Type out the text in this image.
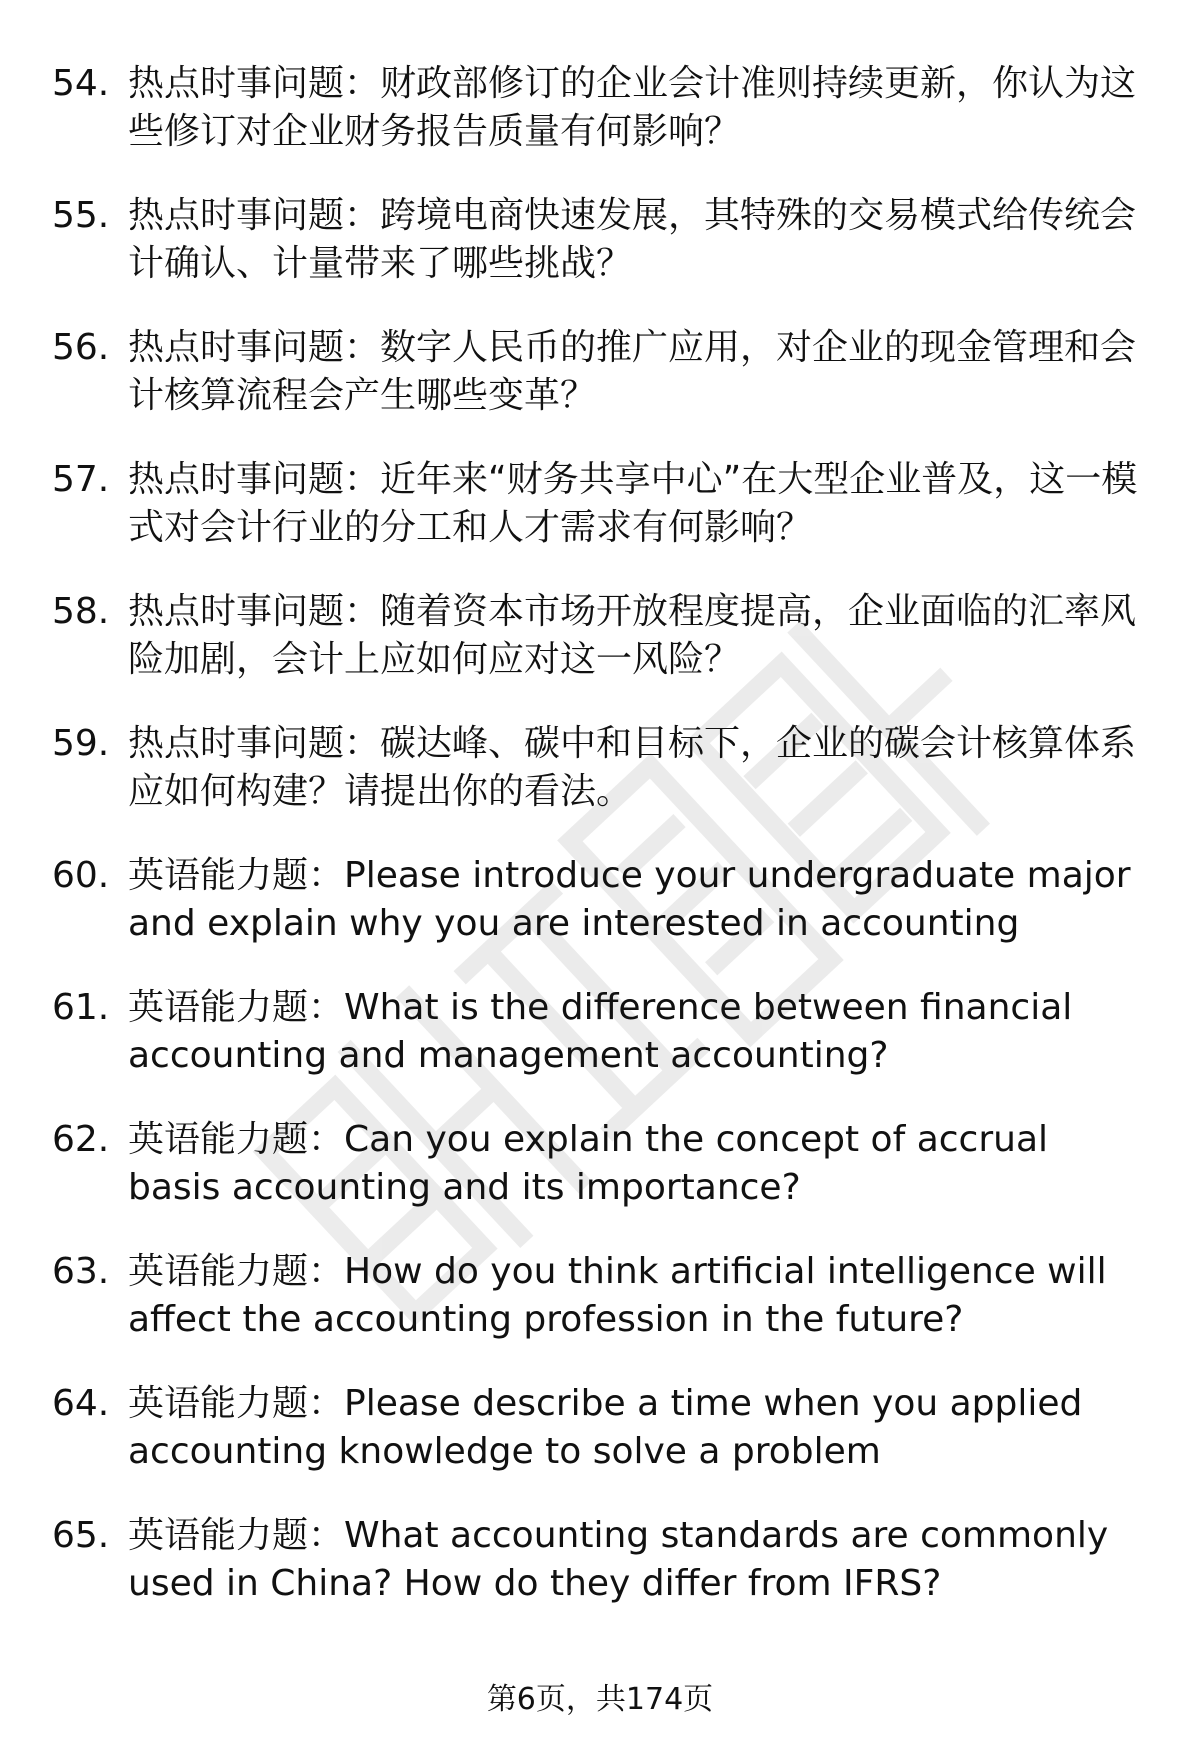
54. 热点时事问题：财政部修订的企业会计准则持续更新，你认为这些修订对企业财务报告质量有何影响？
55. 热点时事问题：跨境电商快速发展，其特殊的交易模式给传统会计确认、计量带来了哪些挑战？
56. 热点时事问题：数字人民币的推广应用，对企业的现金管理和会计核算流程会产生哪些变革？
57. 热点时事问题：近年来“财务共享中心”在大型企业普及，这一模式对会计行业的分工和人才需求有何影响？
58. 热点时事问题：随着资本市场开放程度提高，企业面临的汇率风险加剧，会计上应如何应对这一风险？
59. 热点时事问题：碳达峰、碳中和目标下，企业的碳会计核算体系应如何构建？请提出你的看法。
60. 英语能力题：Please introduce your undergraduate major and explain why you are interested in accounting
61. 英语能力题：What is the difference between financial accounting and management accounting?
62. 英语能力题：Can you explain the concept of accrual basis accounting and its importance?
63. 英语能力题：How do you think artificial intelligence will affect the accounting profession in the future?
64. 英语能力题：Please describe a time when you applied accounting knowledge to solve a problem
65. 英语能力题：What accounting standards are commonly used in China? How do they differ from IFRS?
第6页，共174页
